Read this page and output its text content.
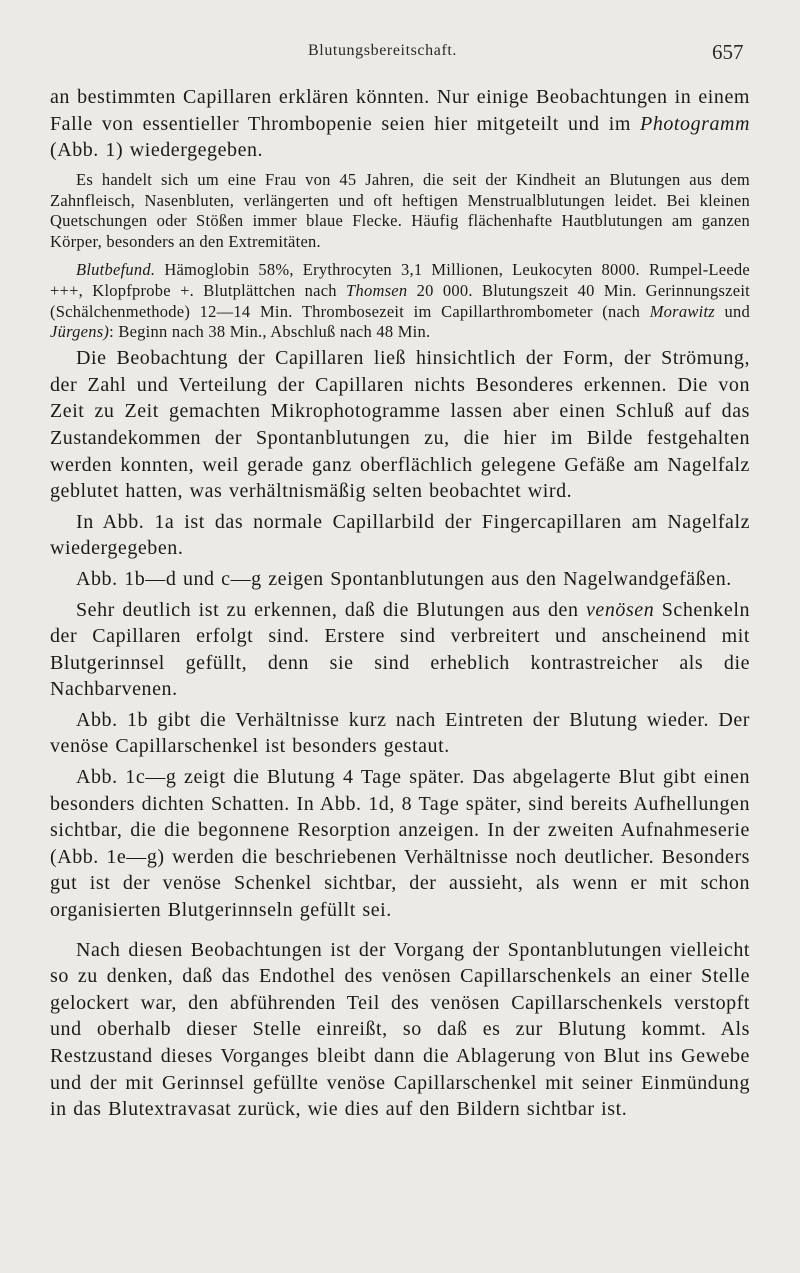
Blutungsbereitschaft.	657

an bestimmten Capillaren erklären könnten. Nur einige Beobachtungen in einem Falle von essentieller Thrombopenie seien hier mitgeteilt und im Photogramm (Abb. 1) wiedergegeben.

Es handelt sich um eine Frau von 45 Jahren, die seit der Kindheit an Blutungen aus dem Zahnfleisch, Nasenbluten, verlängerten und oft heftigen Menstrualblutungen leidet. Bei kleinen Quetschungen oder Stößen immer blaue Flecke. Häufig flächenhafte Hautblutungen am ganzen Körper, besonders an den Extremitäten.

Blutbefund. Hämoglobin 58%, Erythrocyten 3,1 Millionen, Leukocyten 8000. Rumpel-Leede +++, Klopfprobe +. Blutplättchen nach Thomsen 20 000. Blutungszeit 40 Min. Gerinnungszeit (Schälchenmethode) 12—14 Min. Thrombosezeit im Capillarthrombometer (nach Morawitz und Jürgens): Beginn nach 38 Min., Abschluß nach 48 Min.

Die Beobachtung der Capillaren ließ hinsichtlich der Form, der Strömung, der Zahl und Verteilung der Capillaren nichts Besonderes erkennen. Die von Zeit zu Zeit gemachten Mikrophotogramme lassen aber einen Schluß auf das Zustandekommen der Spontanblutungen zu, die hier im Bilde festgehalten werden konnten, weil gerade ganz oberflächlich gelegene Gefäße am Nagelfalz geblutet hatten, was verhältnismäßig selten beobachtet wird.

In Abb. 1a ist das normale Capillarbild der Fingercapillaren am Nagelfalz wiedergegeben.

Abb. 1b—d und c—g zeigen Spontanblutungen aus den Nagelwandgefäßen.

Sehr deutlich ist zu erkennen, daß die Blutungen aus den venösen Schenkeln der Capillaren erfolgt sind. Erstere sind verbreitert und anscheinend mit Blutgerinnsel gefüllt, denn sie sind erheblich kontrastreicher als die Nachbarvenen.

Abb. 1b gibt die Verhältnisse kurz nach Eintreten der Blutung wieder. Der venöse Capillarschenkel ist besonders gestaut.

Abb. 1c—g zeigt die Blutung 4 Tage später. Das abgelagerte Blut gibt einen besonders dichten Schatten. In Abb. 1d, 8 Tage später, sind bereits Aufhellungen sichtbar, die die begonnene Resorption anzeigen. In der zweiten Aufnahmeserie (Abb. 1e—g) werden die beschriebenen Verhältnisse noch deutlicher. Besonders gut ist der venöse Schenkel sichtbar, der aussieht, als wenn er mit schon organisierten Blutgerinnseln gefüllt sei.

Nach diesen Beobachtungen ist der Vorgang der Spontanblutungen vielleicht so zu denken, daß das Endothel des venösen Capillarschenkels an einer Stelle gelockert war, den abführenden Teil des venösen Capillarschenkels verstopft und oberhalb dieser Stelle einreißt, so daß es zur Blutung kommt. Als Restzustand dieses Vorganges bleibt dann die Ablagerung von Blut ins Gewebe und der mit Gerinnsel gefüllte venöse Capillarschenkel mit seiner Einmündung in das Blutextravasat zurück, wie dies auf den Bildern sichtbar ist.
